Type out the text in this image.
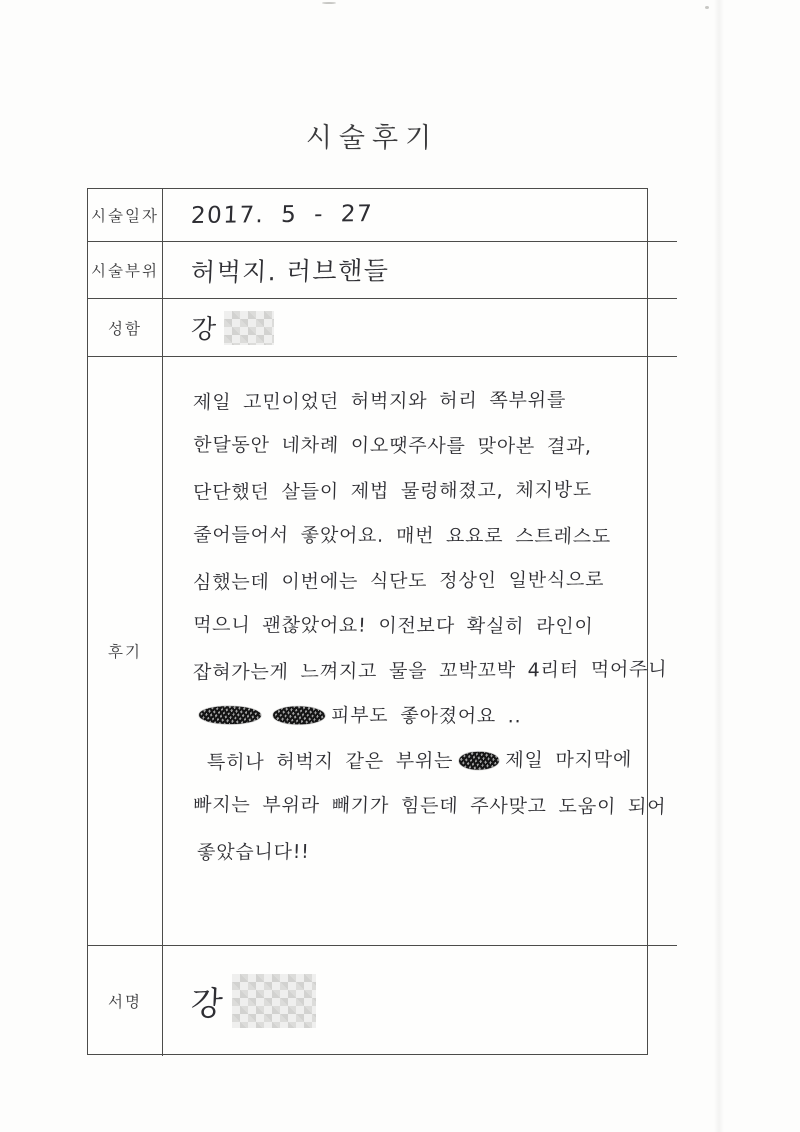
시술후기
시술일자 2017. 5 - 27
시술부위 허벅지. 러브핸들
성함 강
후기
제일 고민이었던 허벅지와 허리 쪽부위를
한달동안 네차례 이오땟주사를 맞아본 결과,
단단했던 살들이 제법 물렁해졌고, 체지방도
줄어들어서 좋았어요. 매번 요요로 스트레스도
심했는데 이번에는 식단도 정상인 일반식으로
먹으니 괜찮았어요! 이전보다 확실히 라인이
잡혀가는게 느껴지고 물을 꼬박꼬박 4리터 먹어주니
피부도 좋아졌어요 ..
특히나 허벅지 같은 부위는	제일 마지막에
빠지는 부위라 빼기가 힘든데 주사맞고 도움이 되어
좋았습니다!!
서명 강
